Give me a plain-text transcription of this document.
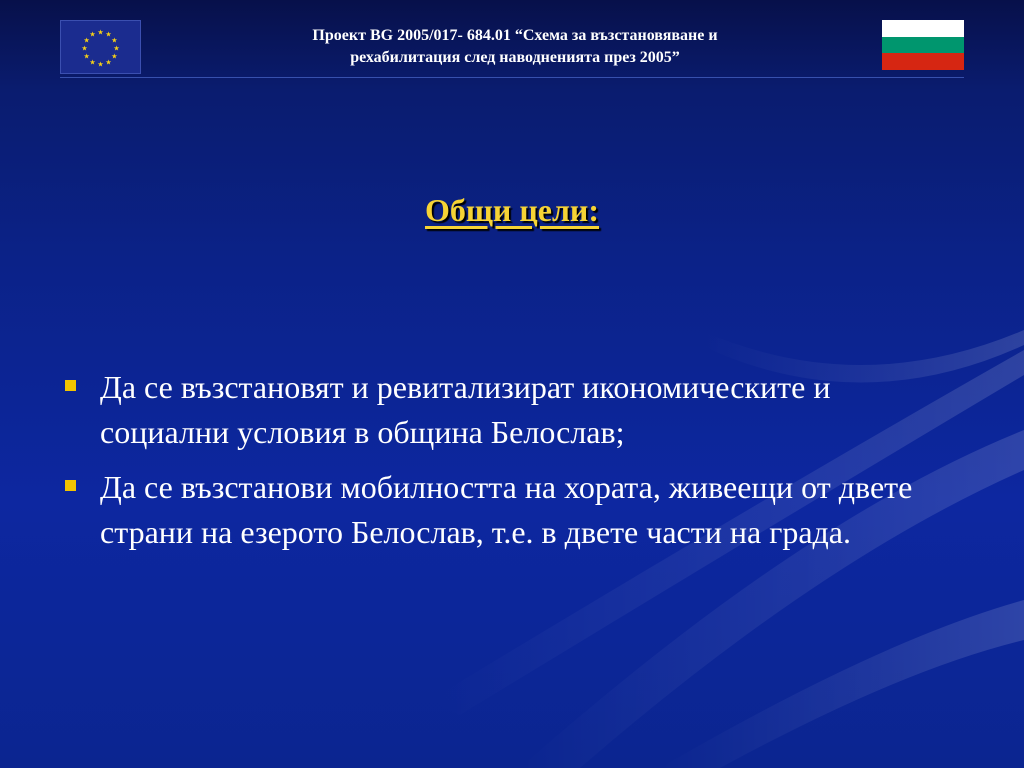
★ ★
★
★
★
★
★
★
★
★
★
★	Проект BG 2005/017- 684.01 “Схема за възстановяване и
рехабилитация след наводненията през 2005”
Общи цели:
Да се възстановят и ревитализират икономическите и социални условия в община Белослав;
Да се възстанови мобилността на хората, живеещи от двете страни на езерото Белослав, т.е. в двете части на града.
